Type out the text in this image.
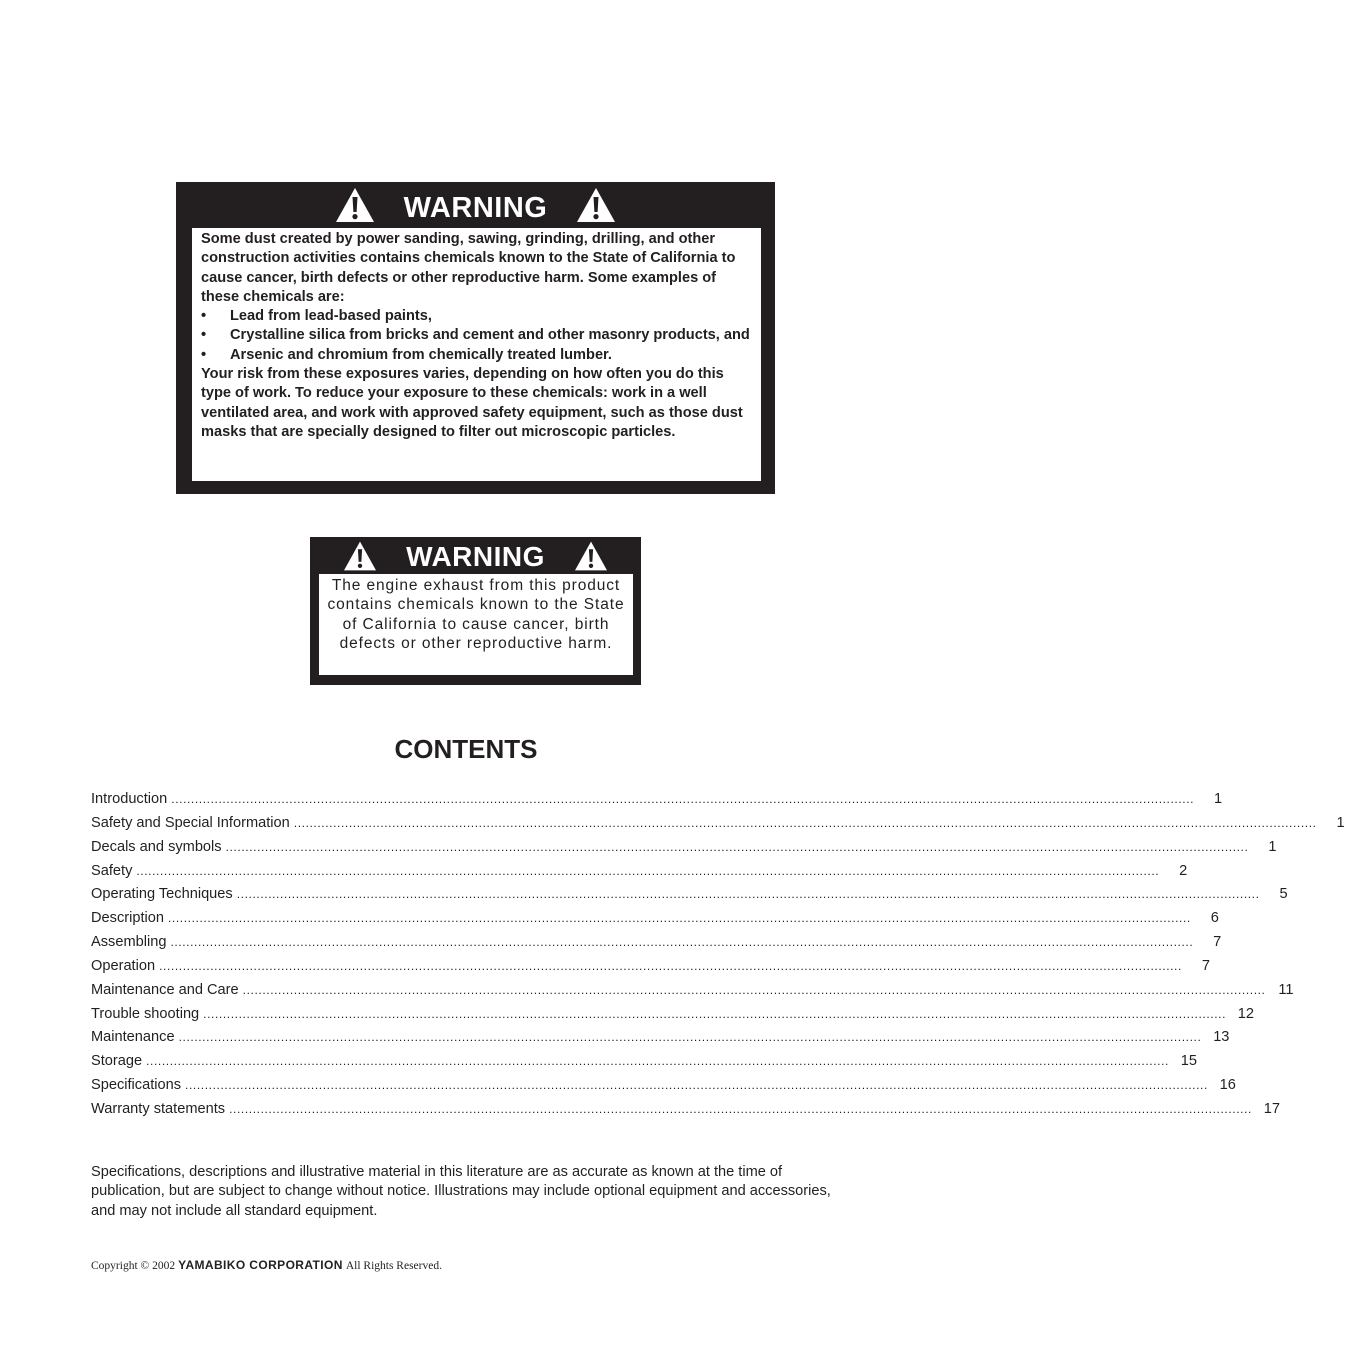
WARNING

Some dust created by power sanding, sawing, grinding, drilling, and other construction activities contains chemicals known to the State of California to cause cancer, birth defects or other reproductive harm. Some examples of these chemicals are:

•	Lead from lead-based paints,
•	Crystalline silica from bricks and cement and other masonry products, and
•	Arsenic and chromium from chemically treated lumber.

Your risk from these exposures varies, depending on how often you do this type of work. To reduce your exposure to these chemicals: work in a well ventilated area, and work with approved safety equipment, such as those dust masks that are specially designed to filter out microscopic particles.

WARNING
The engine exhaust from this product contains chemicals known to the State of California to cause cancer, birth defects or other reproductive harm.
CONTENTS
Introduction ....................................................................................................................................................................................................................................................................	1
Safety and Special Information ....................................................................................................................................................................................................................................................................	1
Decals and symbols ....................................................................................................................................................................................................................................................................	1
Safety ....................................................................................................................................................................................................................................................................	2
Operating Techniques ....................................................................................................................................................................................................................................................................	5
Description ....................................................................................................................................................................................................................................................................	6
Assembling ....................................................................................................................................................................................................................................................................	7
Operation ....................................................................................................................................................................................................................................................................	7
Maintenance and Care .................................................................................................................................................................................................................................................................... 11
Trouble shooting .................................................................................................................................................................................................................................................................... 12
Maintenance .................................................................................................................................................................................................................................................................... 13
Storage .................................................................................................................................................................................................................................................................... 15
Specifications .................................................................................................................................................................................................................................................................... 16
Warranty statements .................................................................................................................................................................................................................................................................... 17
Specifications, descriptions and illustrative material in this literature are as accurate as known at the time of publication, but are subject to change without notice. Illustrations may include optional equipment and accessories, and may not include all standard equipment.
Copyright © 2002 YAMABIKO CORPORATION All Rights Reserved.
